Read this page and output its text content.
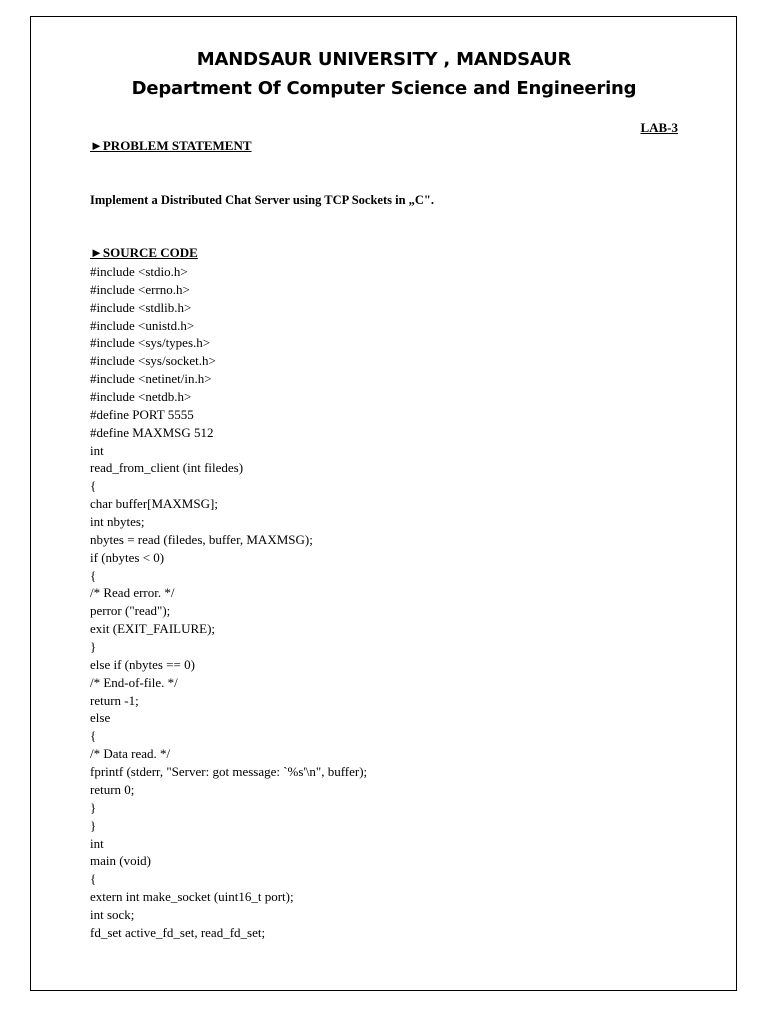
MANDSAUR UNIVERSITY , MANDSAUR
Department Of Computer Science and Engineering
LAB-3
►PROBLEM STATEMENT
Implement a Distributed Chat Server using TCP Sockets in „C".
►SOURCE CODE
#include <stdio.h>
#include <errno.h>
#include <stdlib.h>
#include <unistd.h>
#include <sys/types.h>
#include <sys/socket.h>
#include <netinet/in.h>
#include <netdb.h>
#define PORT 5555
#define MAXMSG 512
int
read_from_client (int filedes)
{
char buffer[MAXMSG];
int nbytes;
nbytes = read (filedes, buffer, MAXMSG);
if (nbytes < 0)
{
/* Read error. */
perror ("read");
exit (EXIT_FAILURE);
}
else if (nbytes == 0)
/* End-of-file. */
return -1;
else
{
/* Data read. */
fprintf (stderr, "Server: got message: `%s'\n", buffer);
return 0;
}
}
int
main (void)
{
extern int make_socket (uint16_t port);
int sock;
fd_set active_fd_set, read_fd_set;
